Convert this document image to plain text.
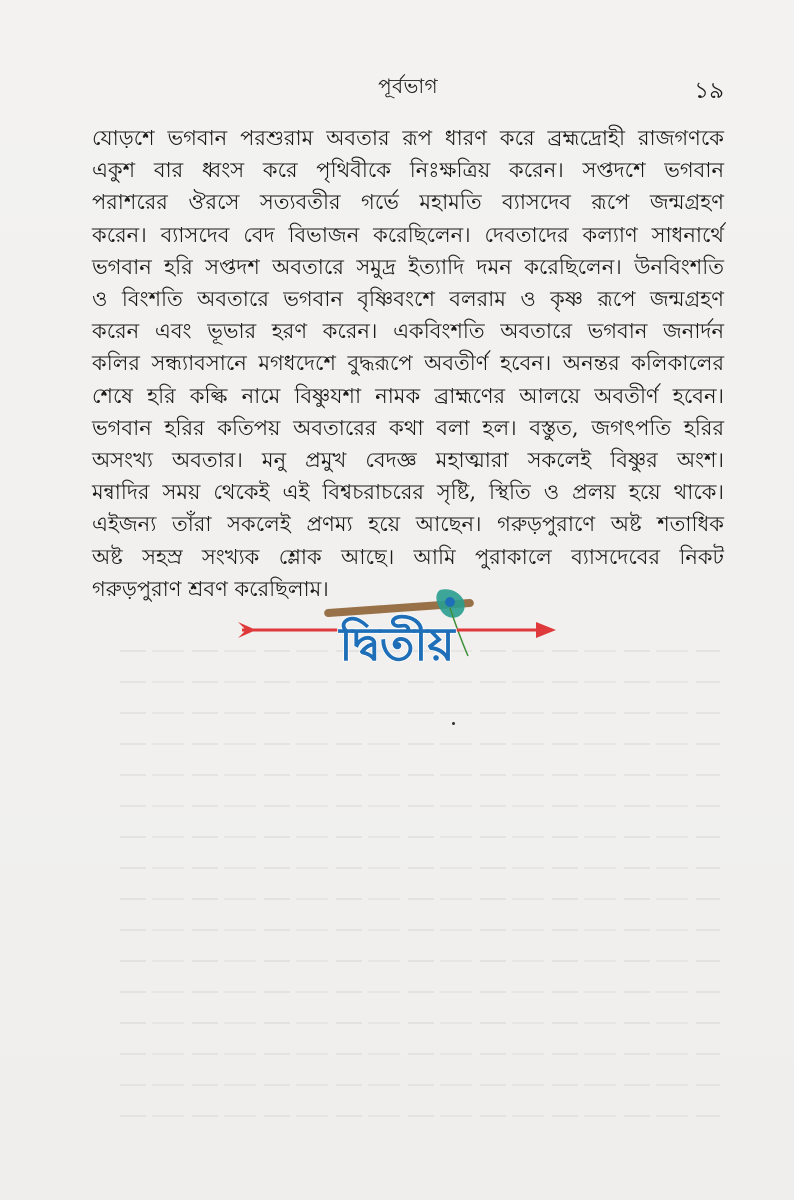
পূর্বভাগ	১৯
যোড়শে ভগবান পরশুরাম অবতার রূপ ধারণ করে ব্রহ্মদ্রোহী রাজগণকে
একুশ বার ধ্বংস করে পৃথিবীকে নিঃক্ষত্রিয় করেন। সপ্তদশে ভগবান
পরাশরের ঔরসে সত্যবতীর গর্ভে মহামতি ব্যাসদেব রূপে জন্মগ্রহণ
করেন। ব্যাসদেব বেদ বিভাজন করেছিলেন। দেবতাদের কল্যাণ সাধনার্থে
ভগবান হরি সপ্তদশ অবতারে সমুদ্র ইত্যাদি দমন করেছিলেন। উনবিংশতি
ও বিংশতি অবতারে ভগবান বৃষ্ণিবংশে বলরাম ও কৃষ্ণ রূপে জন্মগ্রহণ
করেন এবং ভূভার হরণ করেন। একবিংশতি অবতারে ভগবান জনার্দন
কলির সন্ধ্যাবসানে মগধদেশে বুদ্ধরূপে অবতীর্ণ হবেন। অনন্তর কলিকালের
শেষে হরি কল্কি নামে বিষ্ণুযশা নামক ব্রাহ্মণের আলয়ে অবতীর্ণ হবেন।
ভগবান হরির কতিপয় অবতারের কথা বলা হল। বস্তুত, জগৎপতি হরির
অসংখ্য অবতার। মনু প্রমুখ বেদজ্ঞ মহাত্মারা সকলেই বিষ্ণুর অংশ।
মন্বাদির সময় থেকেই এই বিশ্বচরাচরের সৃষ্টি, স্থিতি ও প্রলয় হয়ে থাকে।
এইজন্য তাঁরা সকলেই প্রণম্য হয়ে আছেন। গরুড়পুরাণে অষ্ট শতাধিক
অষ্ট সহস্র সংখ্যক শ্লোক আছে। আমি পুরাকালে ব্যাসদেবের নিকট
গরুড়পুরাণ শ্রবণ করেছিলাম।
দ্বিতীয়
